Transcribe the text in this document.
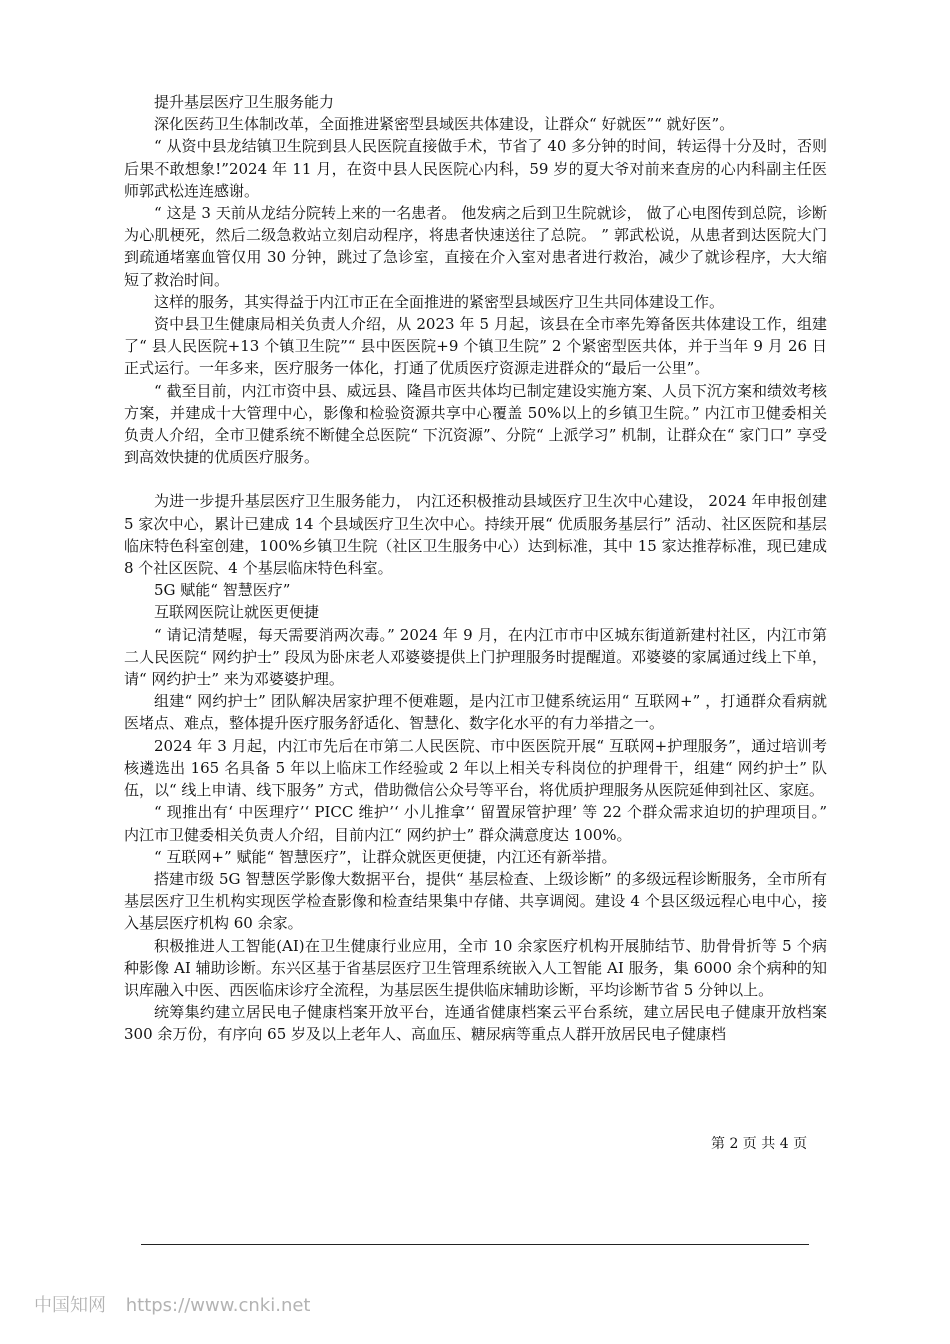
提升基层医疗卫生服务能力

深化医药卫生体制改革，全面推进紧密型县域医共体建设，让群众“ 好就医”“ 就好医”。

“ 从资中县龙结镇卫生院到县人民医院直接做手术，节省了 40 多分钟的时间，转运得十分及时，否则后果不敢想象!”2024 年 11 月，在资中县人民医院心内科，59 岁的夏大爷对前来查房的心内科副主任医师郭武松连连感谢。

“ 这是 3 天前从龙结分院转上来的一名患者。 他发病之后到卫生院就诊， 做了心电图传到总院，诊断为心肌梗死，然后二级急救站立刻启动程序，将患者快速送往了总院。 ” 郭武松说，从患者到达医院大门到疏通堵塞血管仅用 30 分钟，跳过了急诊室，直接在介入室对患者进行救治，减少了就诊程序，大大缩短了救治时间。

这样的服务，其实得益于内江市正在全面推进的紧密型县域医疗卫生共同体建设工作。

资中县卫生健康局相关负责人介绍，从 2023 年 5 月起，该县在全市率先筹备医共体建设工作，组建了“ 县人民医院+13 个镇卫生院”“ 县中医医院+9 个镇卫生院” 2 个紧密型医共体，并于当年 9 月 26 日正式运行。一年多来，医疗服务一体化，打通了优质医疗资源走进群众的“最后一公里”。

“ 截至目前，内江市资中县、威远县、隆昌市医共体均已制定建设实施方案、人员下沉方案和绩效考核方案，并建成十大管理中心，影像和检验资源共享中心覆盖 50%以上的乡镇卫生院。” 内江市卫健委相关负责人介绍，全市卫健系统不断健全总医院“ 下沉资源”、分院“ 上派学习” 机制，让群众在“ 家门口” 享受到高效快捷的优质医疗服务。

为进一步提升基层医疗卫生服务能力， 内江还积极推动县域医疗卫生次中心建设， 2024 年申报创建 5 家次中心，累计已建成 14 个县域医疗卫生次中心。持续开展“ 优质服务基层行” 活动、社区医院和基层临床特色科室创建，100%乡镇卫生院（社区卫生服务中心）达到标准，其中 15 家达推荐标准，现已建成 8 个社区医院、4 个基层临床特色科室。

5G 赋能“ 智慧医疗”

互联网医院让就医更便捷

“ 请记清楚喔，每天需要消两次毒。” 2024 年 9 月，在内江市市中区城东街道新建村社区，内江市第二人民医院“ 网约护士” 段凤为卧床老人邓婆婆提供上门护理服务时提醒道。邓婆婆的家属通过线上下单，请“ 网约护士” 来为邓婆婆护理。

组建“ 网约护士” 团队解决居家护理不便难题，是内江市卫健系统运用“ 互联网+” ，打通群众看病就医堵点、难点，整体提升医疗服务舒适化、智慧化、数字化水平的有力举措之一。

2024 年 3 月起，内江市先后在市第二人民医院、市中医医院开展“ 互联网+护理服务”，通过培训考核遴选出 165 名具备 5 年以上临床工作经验或 2 年以上相关专科岗位的护理骨干，组建“ 网约护士” 队伍，以“ 线上申请、线下服务” 方式，借助微信公众号等平台，将优质护理服务从医院延伸到社区、家庭。

“ 现推出有‘ 中医理疗’‘ PICC 维护’‘ 小儿推拿’‘ 留置尿管护理’ 等 22 个群众需求迫切的护理项目。” 内江市卫健委相关负责人介绍，目前内江“ 网约护士” 群众满意度达 100%。

“ 互联网+” 赋能“ 智慧医疗”，让群众就医更便捷，内江还有新举措。

搭建市级 5G 智慧医学影像大数据平台，提供“ 基层检查、上级诊断” 的多级远程诊断服务，全市所有基层医疗卫生机构实现医学检查影像和检查结果集中存储、共享调阅。建设 4 个县区级远程心电中心，接入基层医疗机构 60 余家。

积极推进人工智能(AI)在卫生健康行业应用，全市 10 余家医疗机构开展肺结节、肋骨骨折等 5 个病种影像 AI 辅助诊断。东兴区基于省基层医疗卫生管理系统嵌入人工智能 AI 服务，集 6000 余个病种的知识库融入中医、西医临床诊疗全流程，为基层医生提供临床辅助诊断，平均诊断节省 5 分钟以上。

统筹集约建立居民电子健康档案开放平台，连通省健康档案云平台系统，建立居民电子健康开放档案 300 余万份，有序向 65 岁及以上老年人、高血压、糖尿病等重点人群开放居民电子健康档

第 2 页 共 4 页
中国知网 https://www.cnki.net
